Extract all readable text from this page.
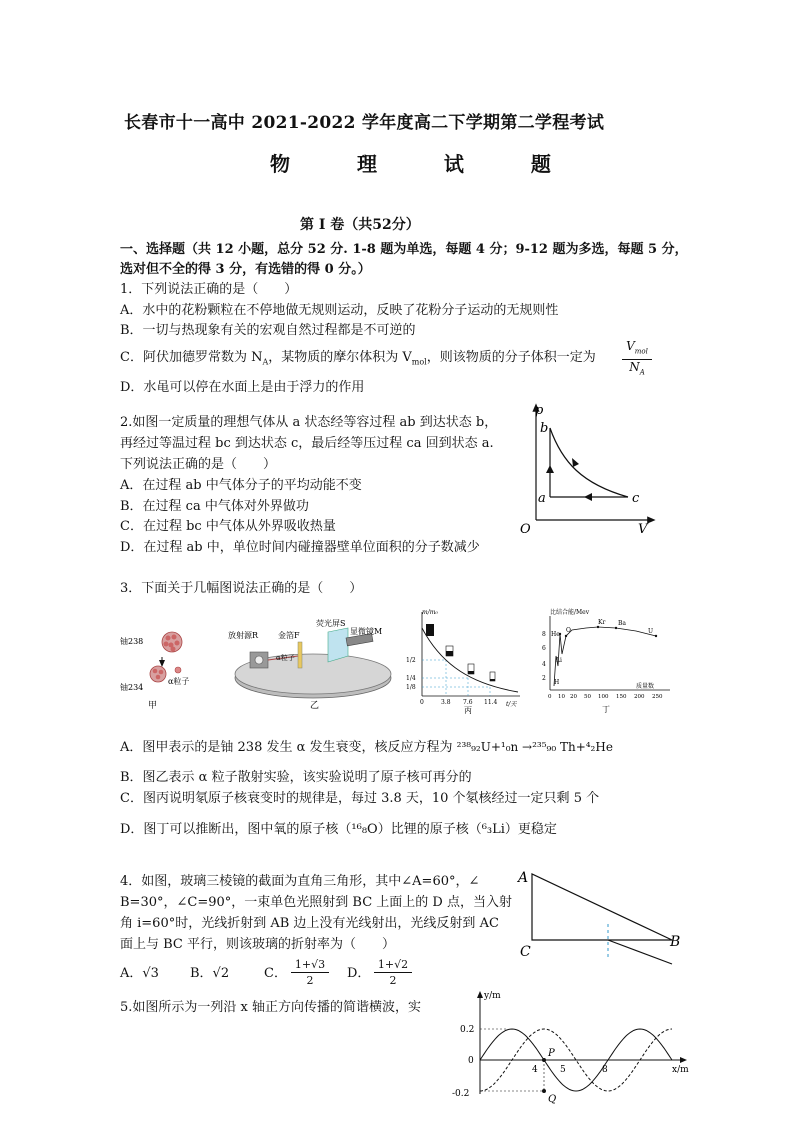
长春市十一高中 2021-2022 学年度高二下学期第二学程考试
物 理 试 题
第 Ⅰ 卷（共52分）
一、选择题（共 12 小题，总分 52 分. 1-8 题为单选，每题 4 分；9-12 题为多选，每题 5 分，
选对但不全的得 3 分，有选错的得 0 分。）
1．下列说法正确的是（　　）
A．水中的花粉颗粒在不停地做无规则运动，反映了花粉分子运动的无规则性
B．一切与热现象有关的宏观自然过程都是不可逆的
C．阿伏加德罗常数为 $N_A$，某物质的摩尔体积为 $V_{mol}$，则该物质的分子体积一定为
$V_{mol}$
$N_A$
D．水黾可以停在水面上是由于浮力的作用
2.如图一定质量的理想气体从 a 状态经等容过程 ab 到达状态 b，
再经过等温过程 bc 到达状态 c，最后经等压过程 ca 回到状态 a.
下列说法正确的是（　　）
A．在过程 ab 中气体分子的平均动能不变
B．在过程 ca 中气体对外界做功
C．在过程 bc 中气体从外界吸收热量
D．在过程 ab 中，单位时间内碰撞器壁单位面积的分子数减少
p
V
O
a
b
c
3．下面关于几幅图说法正确的是（　　）
铀238
铀234
α粒子
甲
放射源R 金箔F
荧光屏S
显微镜M
α粒子
乙
m/m₀
t/天
1/2
1/4
1/8
0	3.8 7.6 11.4
丙
比结合能/Mev
8
6
4
2
He
Li
H
O
Kr Ba
U
0 10 20 50 100 150 200 250
质量数
丁
A．图甲表示的是铀 238 发生 α 发生衰变，核反应方程为 ²³⁸₉₂U+¹₀n →²³⁵₉₀ Th+⁴₂He
B．图乙表示 α 粒子散射实验，该实验说明了原子核可再分的
C．图丙说明氡原子核衰变时的规律是，每过 3.8 天，10 个氡核经过一定只剩 5 个
D．图丁可以推断出，图中氧的原子核（¹⁶₈O）比锂的原子核（⁶₃Li）更稳定
4．如图，玻璃三棱镜的截面为直角三角形，其中∠A=60°，∠
B=30°，∠C=90°，一束单色光照射到 BC 上面上的 D 点，当入射
角 i=60°时，光线折射到 AB 边上没有光线射出，光线反射到 AC
面上与 BC 平行，则该玻璃的折射率为（　　）
A．√3 B．√2	C． $\frac{1+√3}{2}$ D． $\frac{1+√2}{2}$
A
C
B
5.如图所示为一列沿 x 轴正方向传播的简谐横波，实
y/m
x/m
0.2
0
-0.2
P
Q
4 5	8
